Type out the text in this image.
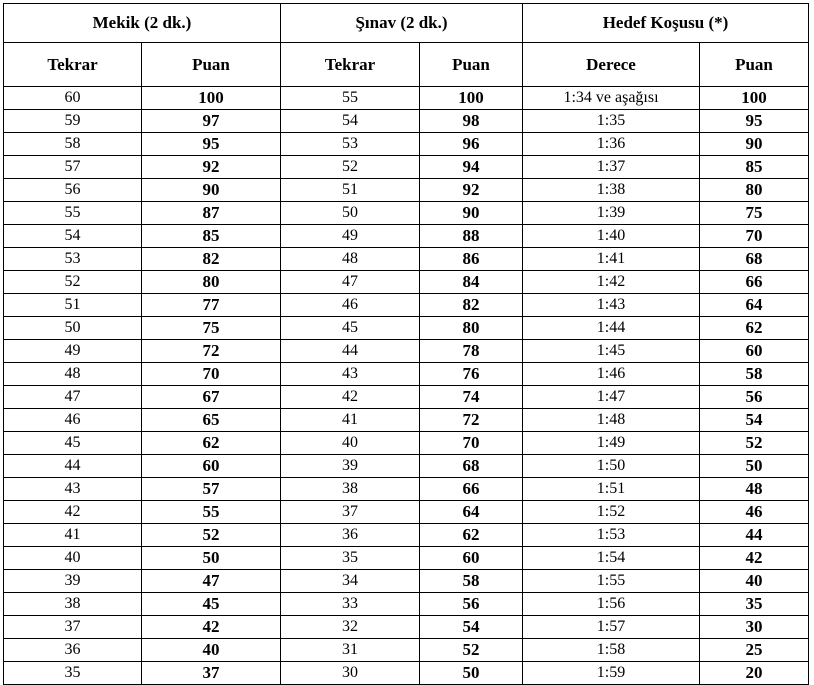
Mekik (2 dk.)		Şınav (2 dk.)		Hedef Koşusu (*)	
Tekrar	Puan	Tekrar	Puan	Derece	Puan
60	100	55	100	1:34 ve aşağısı	100
59	97	54	98	1:35	95
58	95	53	96	1:36	90
57	92	52	94	1:37	85
56	90	51	92	1:38	80
55	87	50	90	1:39	75
54	85	49	88	1:40	70
53	82	48	86	1:41	68
52	80	47	84	1:42	66
51	77	46	82	1:43	64
50	75	45	80	1:44	62
49	72	44	78	1:45	60
48	70	43	76	1:46	58
47	67	42	74	1:47	56
46	65	41	72	1:48	54
45	62	40	70	1:49	52
44	60	39	68	1:50	50
43	57	38	66	1:51	48
42	55	37	64	1:52	46
41	52	36	62	1:53	44
40	50	35	60	1:54	42
39	47	34	58	1:55	40
38	45	33	56	1:56	35
37	42	32	54	1:57	30
36	40	31	52	1:58	25
35	37	30	50	1:59	20
